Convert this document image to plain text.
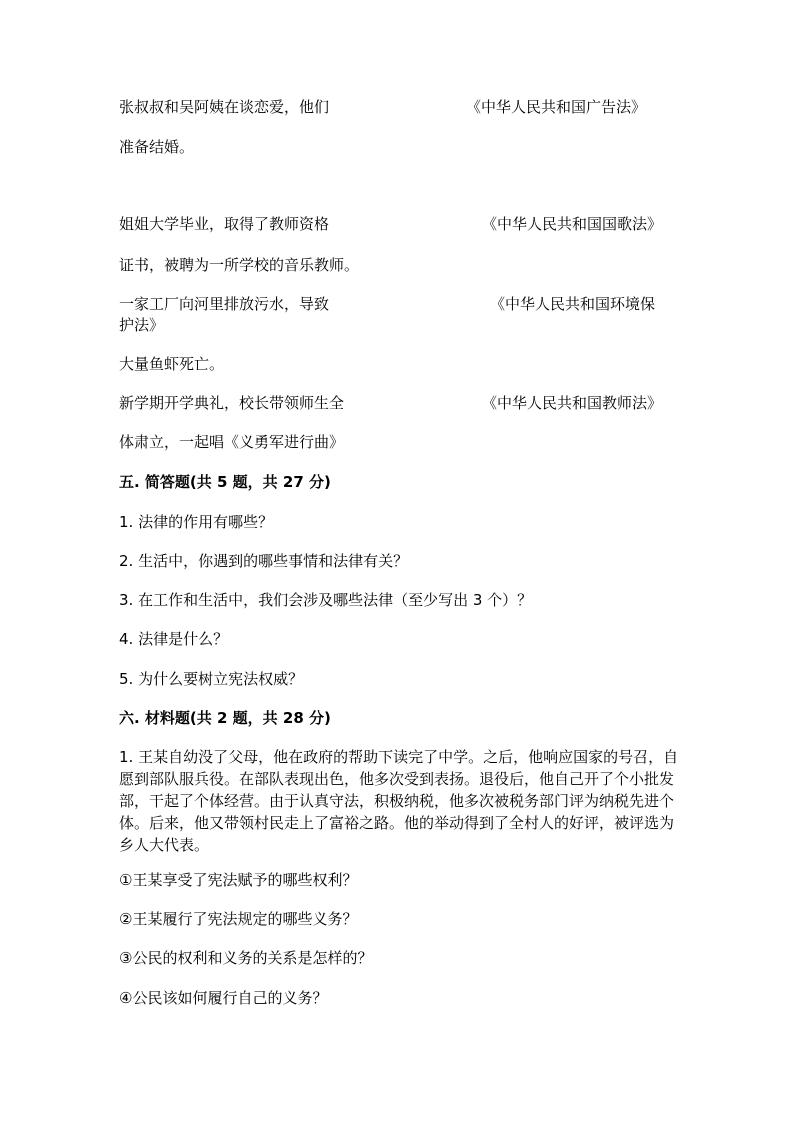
张叔叔和吴阿姨在谈恋爱，他们	《中华人民共和国广告法》
准备结婚。
姐姐大学毕业，取得了教师资格	《中华人民共和国国歌法》
证书，被聘为一所学校的音乐教师。
一家工厂向河里排放污水，导致	《中华人民共和国环境保
护法》
大量鱼虾死亡。
新学期开学典礼，校长带领师生全	《中华人民共和国教师法》
体肃立，一起唱《义勇军进行曲》
五. 简答题(共 5 题，共 27 分)
1. 法律的作用有哪些？
2. 生活中，你遇到的哪些事情和法律有关？
3. 在工作和生活中，我们会涉及哪些法律（至少写出 3 个）？
4. 法律是什么？
5. 为什么要树立宪法权威？
六. 材料题(共 2 题，共 28 分)
1. 王某自幼没了父母，他在政府的帮助下读完了中学。之后，他响应国家的号召，自愿到部队服兵役。在部队表现出色，他多次受到表扬。退役后，他自己开了个小批发部，干起了个体经营。由于认真守法，积极纳税，他多次被税务部门评为纳税先进个体。后来，他又带领村民走上了富裕之路。他的举动得到了全村人的好评，被评选为乡人大代表。
①王某享受了宪法赋予的哪些权利？
②王某履行了宪法规定的哪些义务？
③公民的权利和义务的关系是怎样的？
④公民该如何履行自己的义务？
